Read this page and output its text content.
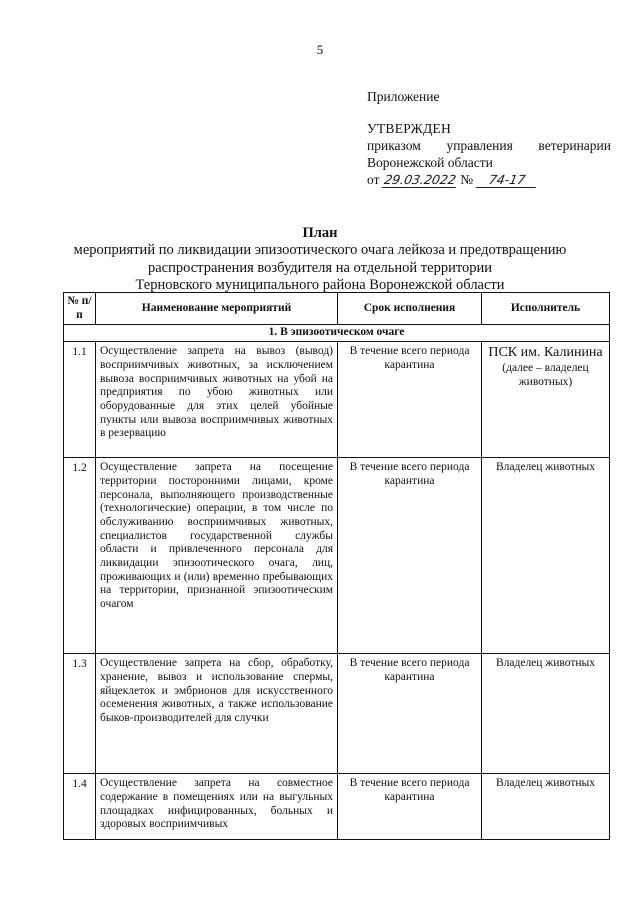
5
Приложение
УТВЕРЖДЕН
приказом управления ветеринарии
Воронежской области
от 29.03.2022 № 74-17
План
мероприятий по ликвидации эпизоотического очага лейкоза и предотвращению
распространения возбудителя на отдельной территории
Терновского муниципального района Воронежской области
№ п/п	Наименование мероприятий	Срок исполнения	Исполнитель
1. В эпизоотическом очаге			
1.1	Осуществление запрета на вывоз (вывод) восприимчивых животных, за исключением вывоза восприимчивых животных на убой на предприятия по убою животных или оборудованные для этих целей убойные пункты или вывоза восприимчивых животных в резервацию	В течение всего периода карантина	ПСК им. Калинина
(далее – владелец животных)

1.2	Осуществление запрета на посещение территории посторонними лицами, кроме персонала, выполняющего производственные (технологические) операции, в том числе по обслуживанию восприимчивых животных, специалистов государственной службы области и привлеченного персонала для ликвидации эпизоотического очага, лиц, проживающих и (или) временно пребывающих на территории, признанной эпизоотическим очагом	В течение всего периода карантина	Владелец животных
1.3	Осуществление запрета на сбор, обработку, хранение, вывоз и использование спермы, яйцеклеток и эмбрионов для искусственного осеменения животных, а также использование быков-производителей для случки	В течение всего периода карантина	Владелец животных
1.4	Осуществление запрета на совместное содержание в помещениях или на выгульных площадках инфицированных, больных и здоровых восприимчивых	В течение всего периода карантина	Владелец животных
